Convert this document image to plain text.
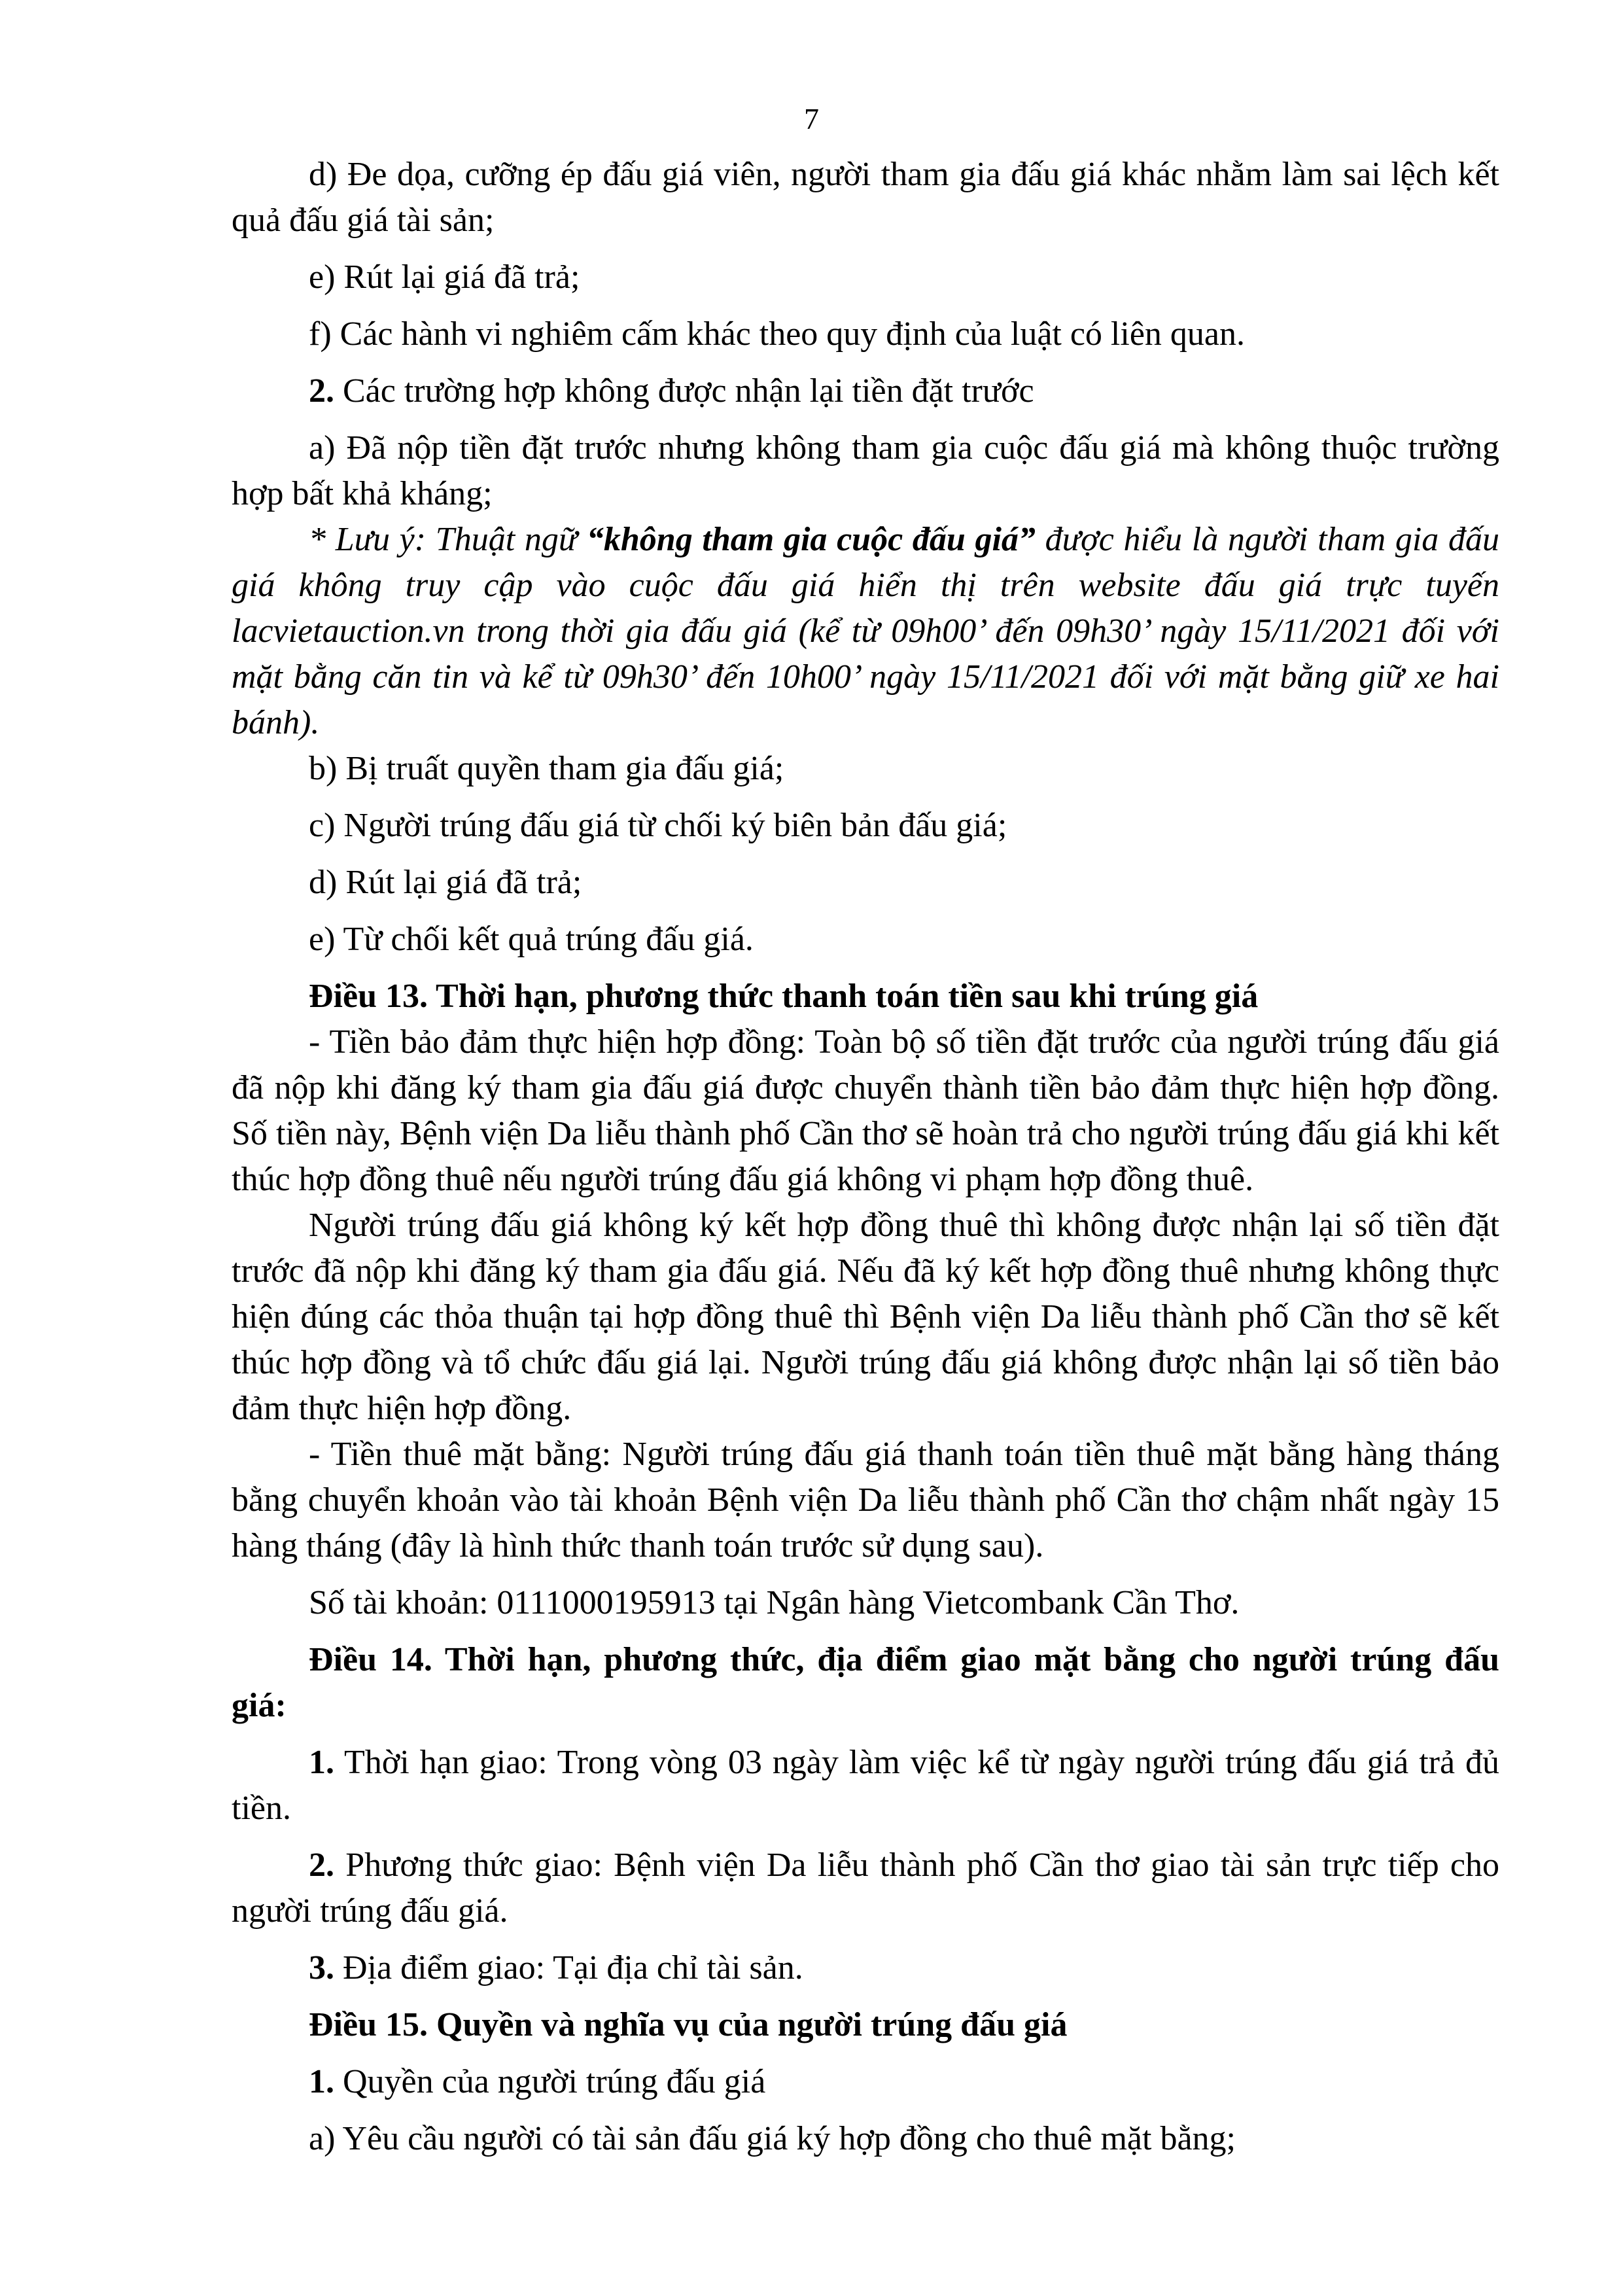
7

d) Đe dọa, cưỡng ép đấu giá viên, người tham gia đấu giá khác nhằm làm sai lệch kết quả đấu giá tài sản;

e) Rút lại giá đã trả;

f) Các hành vi nghiêm cấm khác theo quy định của luật có liên quan.

2. Các trường hợp không được nhận lại tiền đặt trước

a) Đã nộp tiền đặt trước nhưng không tham gia cuộc đấu giá mà không thuộc trường hợp bất khả kháng;

* Lưu ý: Thuật ngữ “không tham gia cuộc đấu giá” được hiểu là người tham gia đấu giá không truy cập vào cuộc đấu giá hiển thị trên website đấu giá trực tuyến lacvietauction.vn trong thời gia đấu giá (kể từ 09h00’ đến 09h30’ ngày 15/11/2021 đối với mặt bằng căn tin và kể từ 09h30’ đến 10h00’ ngày 15/11/2021 đối với mặt bằng giữ xe hai bánh).

b) Bị truất quyền tham gia đấu giá;

c) Người trúng đấu giá từ chối ký biên bản đấu giá;

d) Rút lại giá đã trả;

e) Từ chối kết quả trúng đấu giá.

Điều 13. Thời hạn, phương thức thanh toán tiền sau khi trúng giá

- Tiền bảo đảm thực hiện hợp đồng: Toàn bộ số tiền đặt trước của người trúng đấu giá đã nộp khi đăng ký tham gia đấu giá được chuyển thành tiền bảo đảm thực hiện hợp đồng. Số tiền này, Bệnh viện Da liễu thành phố Cần thơ sẽ hoàn trả cho người trúng đấu giá khi kết thúc hợp đồng thuê nếu người trúng đấu giá không vi phạm hợp đồng thuê.

Người trúng đấu giá không ký kết hợp đồng thuê thì không được nhận lại số tiền đặt trước đã nộp khi đăng ký tham gia đấu giá. Nếu đã ký kết hợp đồng thuê nhưng không thực hiện đúng các thỏa thuận tại hợp đồng thuê thì Bệnh viện Da liễu thành phố Cần thơ sẽ kết thúc hợp đồng và tổ chức đấu giá lại. Người trúng đấu giá không được nhận lại số tiền bảo đảm thực hiện hợp đồng.

- Tiền thuê mặt bằng: Người trúng đấu giá thanh toán tiền thuê mặt bằng hàng tháng bằng chuyển khoản vào tài khoản Bệnh viện Da liễu thành phố Cần thơ chậm nhất ngày 15 hàng tháng (đây là hình thức thanh toán trước sử dụng sau).

Số tài khoản: 0111000195913 tại Ngân hàng Vietcombank Cần Thơ.

Điều 14. Thời hạn, phương thức, địa điểm giao mặt bằng cho người trúng đấu giá:

1. Thời hạn giao: Trong vòng 03 ngày làm việc kể từ ngày người trúng đấu giá trả đủ tiền.

2. Phương thức giao: Bệnh viện Da liễu thành phố Cần thơ giao tài sản trực tiếp cho người trúng đấu giá.

3. Địa điểm giao: Tại địa chỉ tài sản.

Điều 15. Quyền và nghĩa vụ của người trúng đấu giá

1. Quyền của người trúng đấu giá

a) Yêu cầu người có tài sản đấu giá ký hợp đồng cho thuê mặt bằng;
